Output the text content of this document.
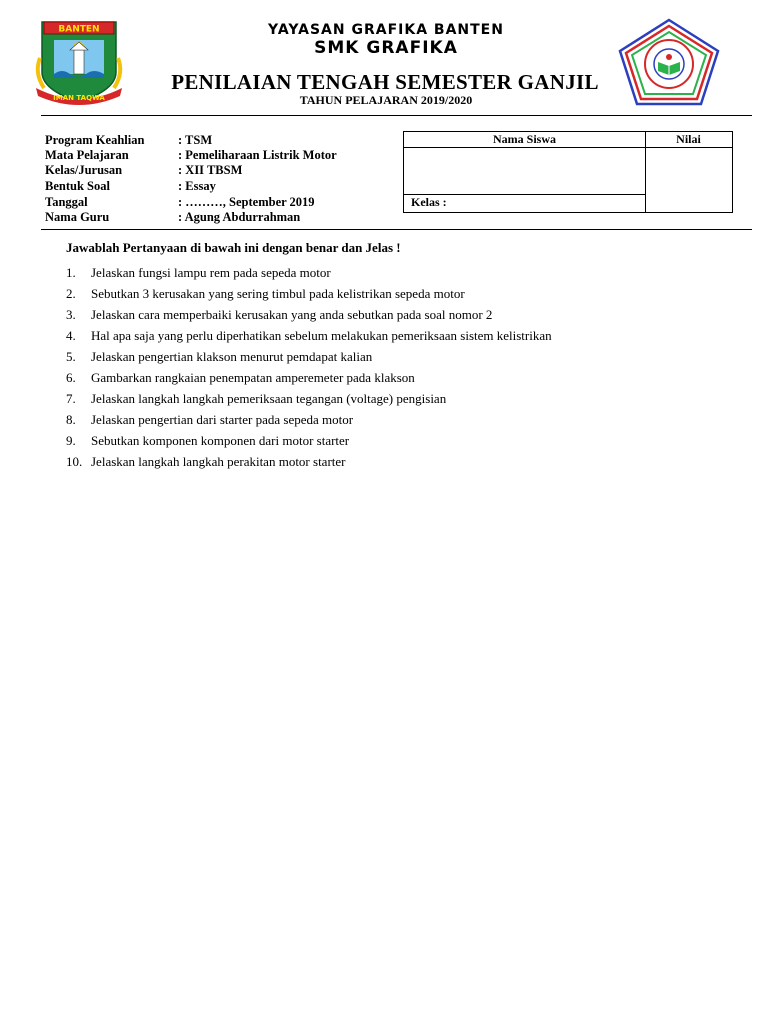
BANTEN
IMAN TAQWA
YAYASAN GRAFIKA BANTEN
SMK GRAFIKA
PENILAIAN TENGAH SEMESTER GANJIL
TAHUN PELAJARAN 2019/2020
Program Keahlian	: TSM
Mata Pelajaran	: Pemeliharaan Listrik Motor
Kelas/Jurusan	: XII TBSM
Bentuk Soal	: Essay
Tanggal	: ………, September 2019
Nama Guru	: Agung Abdurrahman
Nama Siswa	Nilai
Kelas :
Jawablah Pertanyaan di bawah ini dengan benar dan Jelas !
1. Jelaskan fungsi lampu rem pada sepeda motor
2. Sebutkan 3 kerusakan yang sering timbul pada kelistrikan sepeda motor
3. Jelaskan cara memperbaiki kerusakan yang anda sebutkan pada soal nomor 2
4. Hal apa saja yang perlu diperhatikan sebelum melakukan pemeriksaan sistem kelistrikan
5. Jelaskan pengertian klakson menurut pemdapat kalian
6. Gambarkan rangkaian penempatan amperemeter pada klakson
7. Jelaskan langkah langkah pemeriksaan tegangan (voltage) pengisian
8. Jelaskan pengertian dari starter pada sepeda motor
9. Sebutkan komponen komponen dari motor starter
10. Jelaskan langkah langkah perakitan motor starter
